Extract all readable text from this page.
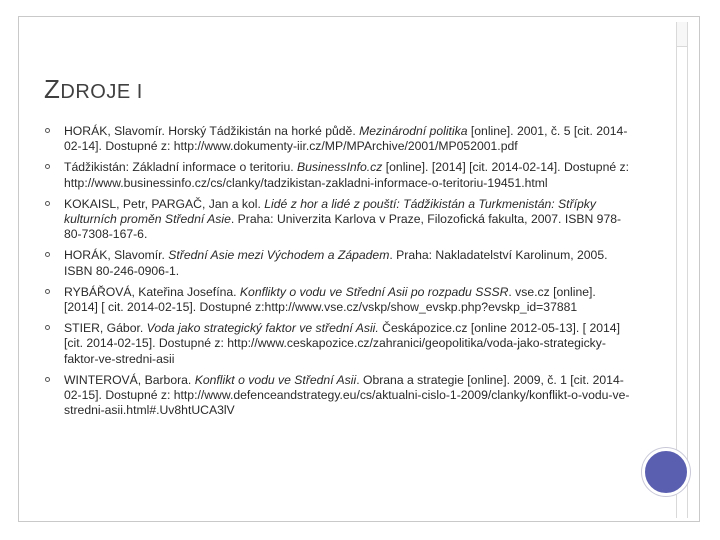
ZDROJE I
HORÁK, Slavomír. Horský Tádžikistán na horké půdě. Mezinárodní politika [online]. 2001, č. 5 [cit. 2014-02-14]. Dostupné z: http://www.dokumenty-iir.cz/MP/MPArchive/2001/MP052001.pdf
Tádžikistán: Základní informace o teritoriu. BusinessInfo.cz [online]. [2014] [cit. 2014-02-14]. Dostupné z: http://www.businessinfo.cz/cs/clanky/tadzikistan-zakladni-informace-o-teritoriu-19451.html
KOKAISL, Petr, PARGAČ, Jan a kol. Lidé z hor a lidé z pouští: Tádžikistán a Turkmenistán: Střípky kulturních proměn Střední Asie. Praha: Univerzita Karlova v Praze, Filozofická fakulta, 2007. ISBN 978-80-7308-167-6.
HORÁK, Slavomír. Střední Asie mezi Východem a Západem. Praha: Nakladatelství Karolinum, 2005. ISBN 80-246-0906-1.
RYBÁŘOVÁ, Kateřina Josefína. Konflikty o vodu ve Střední Asii po rozpadu SSSR. vse.cz [online]. [2014] [ cit. 2014-02-15]. Dostupné z:http://www.vse.cz/vskp/show_evskp.php?evskp_id=37881
STIER, Gábor. Voda jako strategický faktor ve střední Asii. Českápozice.cz [online 2012-05-13]. [ 2014] [cit. 2014-02-15]. Dostupné z: http://www.ceskapozice.cz/zahranici/geopolitika/voda-jako-strategicky-faktor-ve-stredni-asii
WINTEROVÁ, Barbora. Konflikt o vodu ve Střední Asii. Obrana a strategie [online]. 2009, č. 1 [cit. 2014-02-15]. Dostupné z: http://www.defenceandstrategy.eu/cs/aktualni-cislo-1-2009/clanky/konflikt-o-vodu-ve-stredni-asii.html#.Uv8htUCA3lV
